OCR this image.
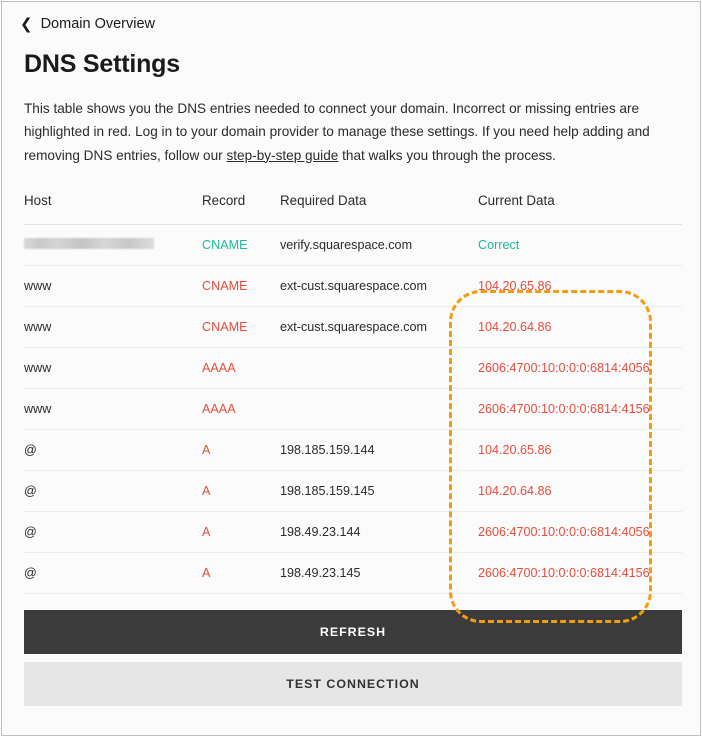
❮ Domain Overview
DNS Settings
This table shows you the DNS entries needed to connect your domain. Incorrect or missing entries are highlighted in red. Log in to your domain provider to manage these settings. If you need help adding and removing DNS entries, follow our step-by-step guide that walks you through the process.
Host	Record	Required Data	Current Data
	CNAME	verify.squarespace.com	Correct
www	CNAME	ext-cust.squarespace.com	104.20.65.86
www	CNAME	ext-cust.squarespace.com	104.20.64.86
www	AAAA		2606:4700:10:0:0:0:6814:4056
www	AAAA		2606:4700:10:0:0:0:6814:4156
@	A	198.185.159.144	104.20.65.86
@	A	198.185.159.145	104.20.64.86
@	A	198.49.23.144	2606:4700:10:0:0:0:6814:4056
@	A	198.49.23.145	2606:4700:10:0:0:0:6814:4156
REFRESH
TEST CONNECTION
